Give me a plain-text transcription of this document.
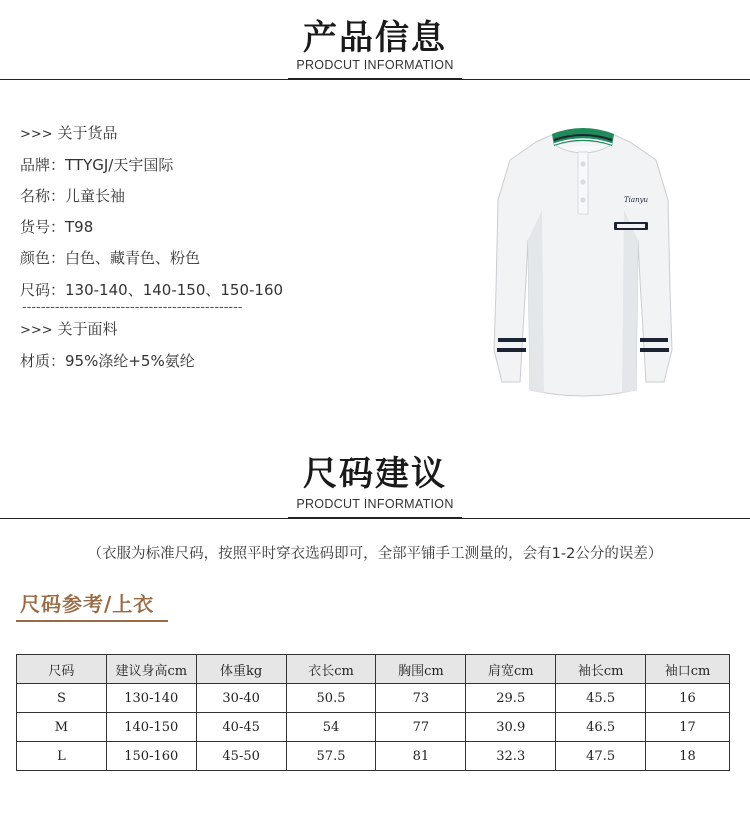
产品信息
PRODCUT INFORMATION
>>> 关于货品
品牌：TTYGJ/天宇国际
名称：儿童长袖
货号：T98
颜色：白色、藏青色、粉色
尺码：130-140、140-150、150-160
-----------------------------------------------
>>> 关于面料
材质：95%涤纶+5%氨纶
Tianyu
尺码建议
PRODCUT INFORMATION
（衣服为标准尺码，按照平时穿衣选码即可，全部平铺手工测量的，会有1-2公分的误差）
尺码参考/上衣
尺码	建议身高cm	体重kg	衣长cm	胸围cm	肩宽cm	袖长cm	袖口cm
S	130-140	30-40	50.5	73	29.5	45.5	16
M	140-150	40-45	54	77	30.9	46.5	17
L	150-160	45-50	57.5	81	32.3	47.5	18
